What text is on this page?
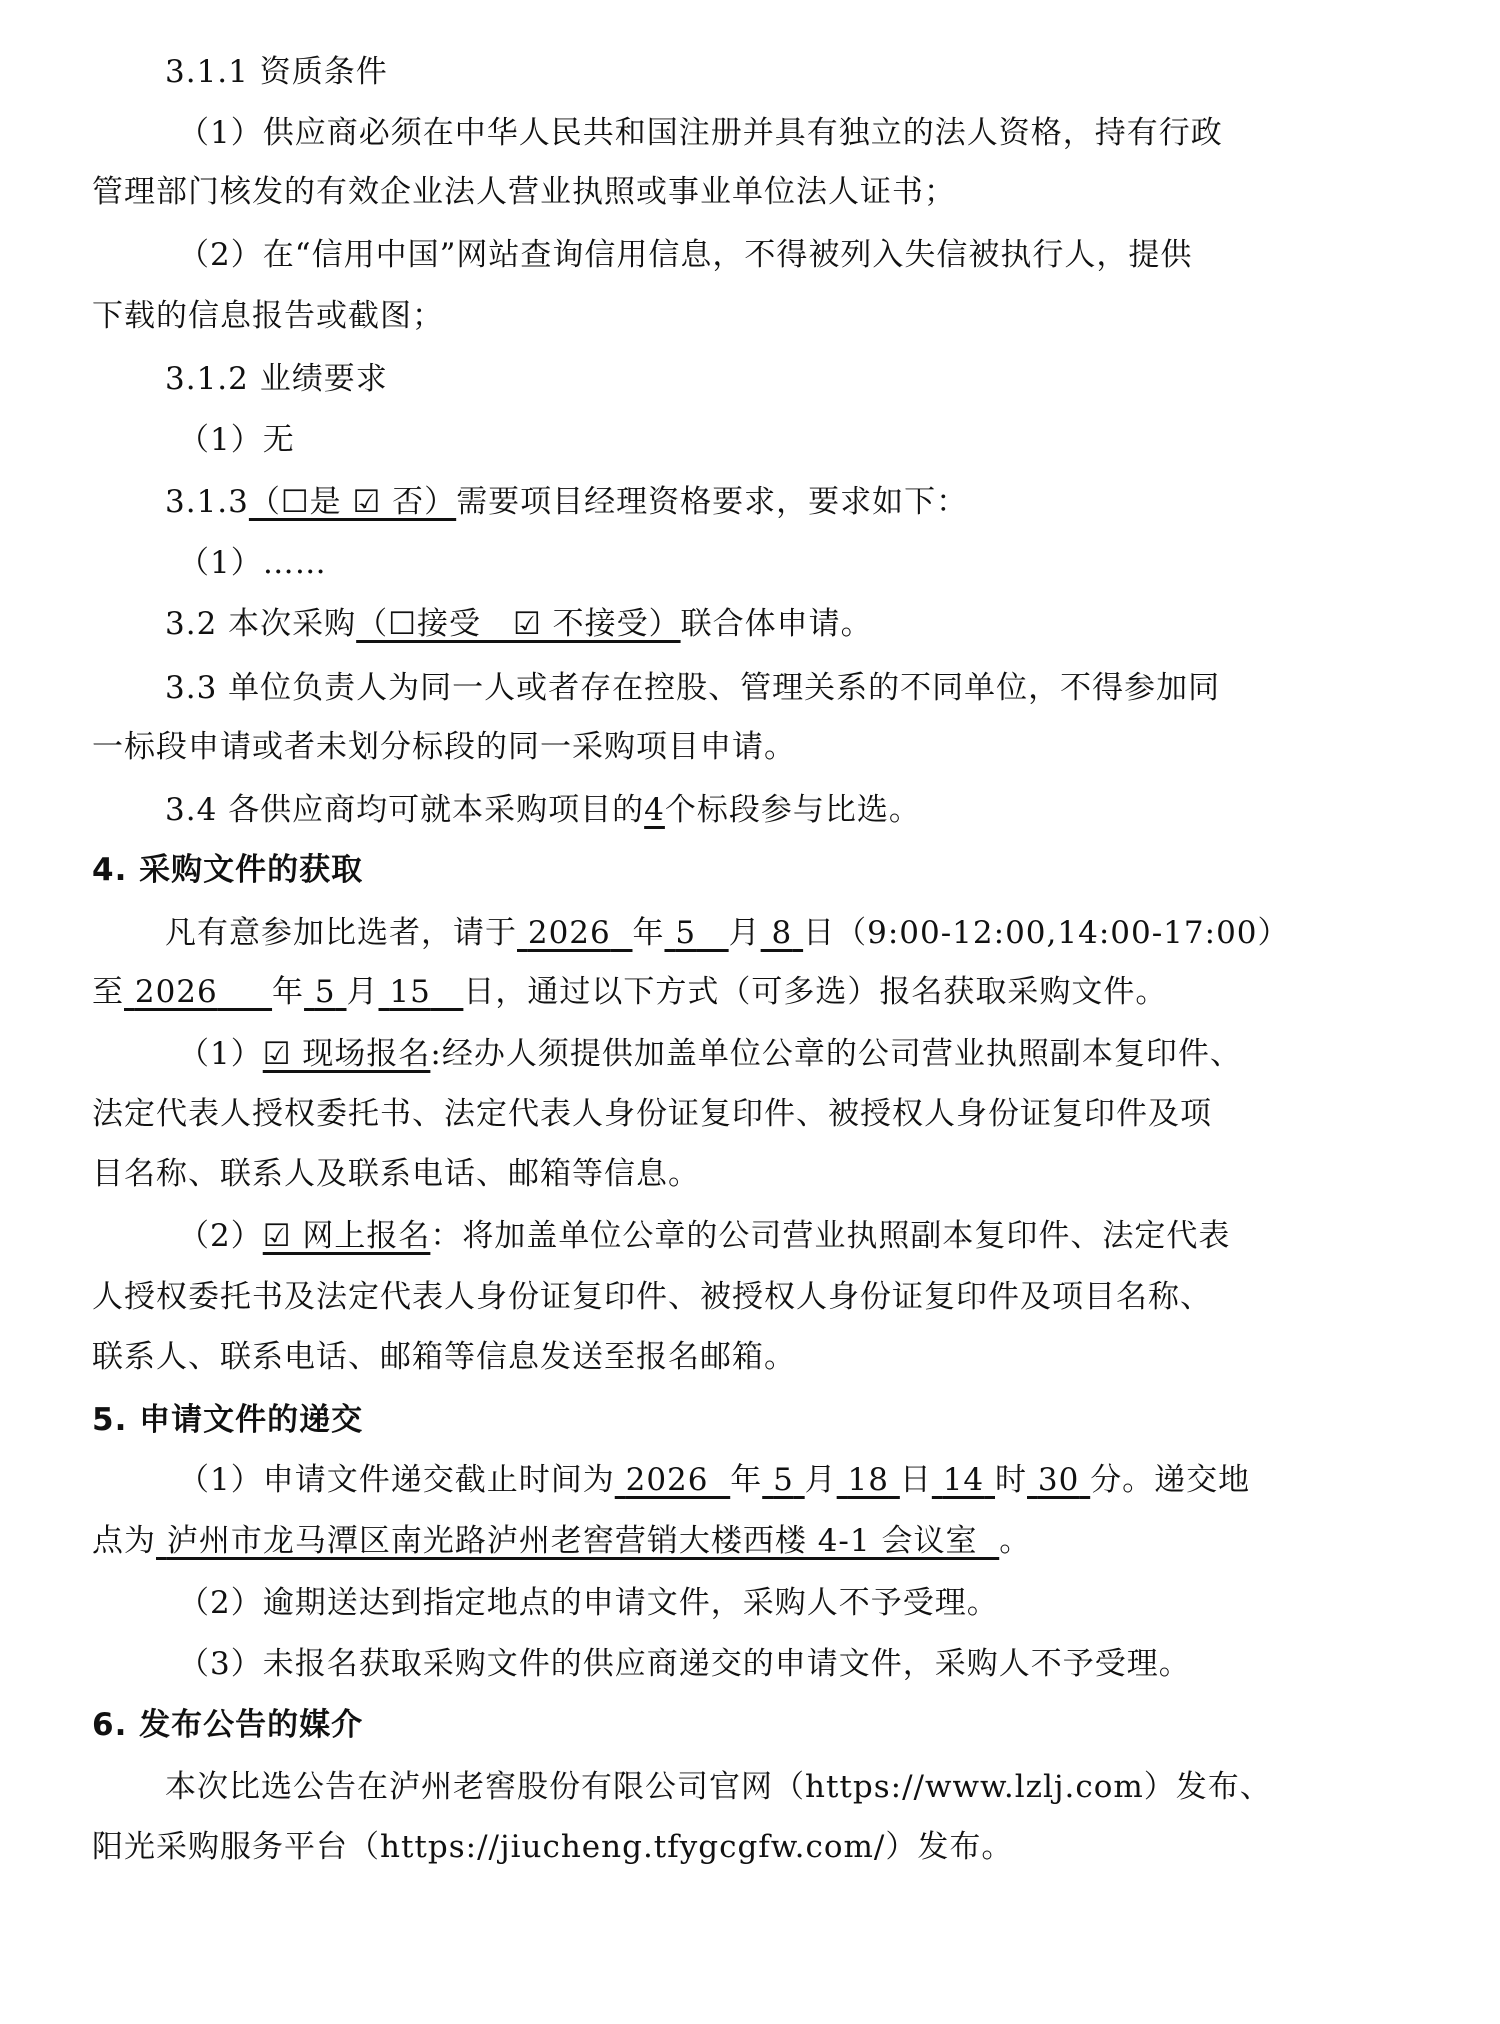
3.1.1 资质条件
（1）供应商必须在中华人民共和国注册并具有独立的法人资格，持有行政
管理部门核发的有效企业法人营业执照或事业单位法人证书；
（2）在“信用中国”网站查询信用信息，不得被列入失信被执行人，提供
下载的信息报告或截图；
3.1.2 业绩要求
（1）无
3.1.3（☐是 ☑ 否）需要项目经理资格要求，要求如下：
（1）……
3.2 本次采购（☐接受　☑ 不接受）联合体申请。
3.3 单位负责人为同一人或者存在控股、管理关系的不同单位，不得参加同
一标段申请或者未划分标段的同一采购项目申请。
3.4 各供应商均可就本采购项目的4个标段参与比选。
4. 采购文件的获取
凡有意参加比选者，请于 2026 年 5 月 8 日（9:00-12:00,14:00-17:00）
至 2026 年 5 月 15 日，通过以下方式（可多选）报名获取采购文件。
（1）☑ 现场报名:经办人须提供加盖单位公章的公司营业执照副本复印件、
法定代表人授权委托书、法定代表人身份证复印件、被授权人身份证复印件及项
目名称、联系人及联系电话、邮箱等信息。
（2）☑ 网上报名：将加盖单位公章的公司营业执照副本复印件、法定代表
人授权委托书及法定代表人身份证复印件、被授权人身份证复印件及项目名称、
联系人、联系电话、邮箱等信息发送至报名邮箱。
5. 申请文件的递交
（1）申请文件递交截止时间为 2026 年 5 月 18 日 14 时 30 分。递交地
点为 泸州市龙马潭区南光路泸州老窖营销大楼西楼 4-1 会议室 。
（2）逾期送达到指定地点的申请文件，采购人不予受理。
（3）未报名获取采购文件的供应商递交的申请文件，采购人不予受理。
6. 发布公告的媒介
本次比选公告在泸州老窖股份有限公司官网（https://www.lzlj.com）发布、
阳光采购服务平台（https://jiucheng.tfygcgfw.com/）发布。
